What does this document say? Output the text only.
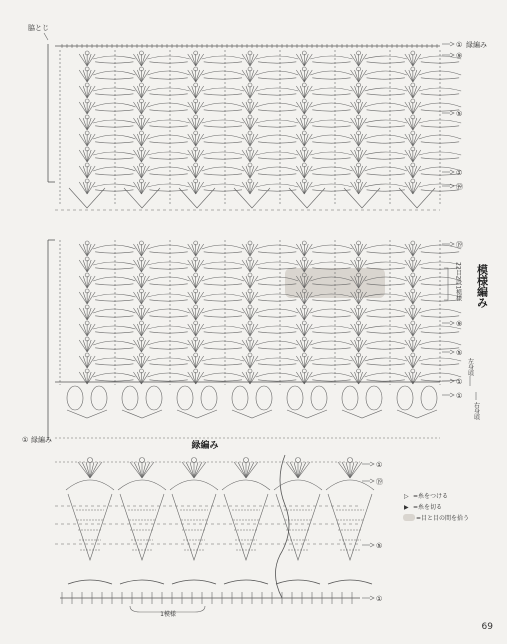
① 緑編み
⑨
⑤
①
⑲
⑲
⑨
⑤
①
①
模様編み
22目2段1模様
左身頃
右身頃
脇とじ
① 緑編み
緑編み
①
⑲
⑤
①
1模様
▷ =糸をつける
▶ =糸を切る
=目と目の間を拾う
69
